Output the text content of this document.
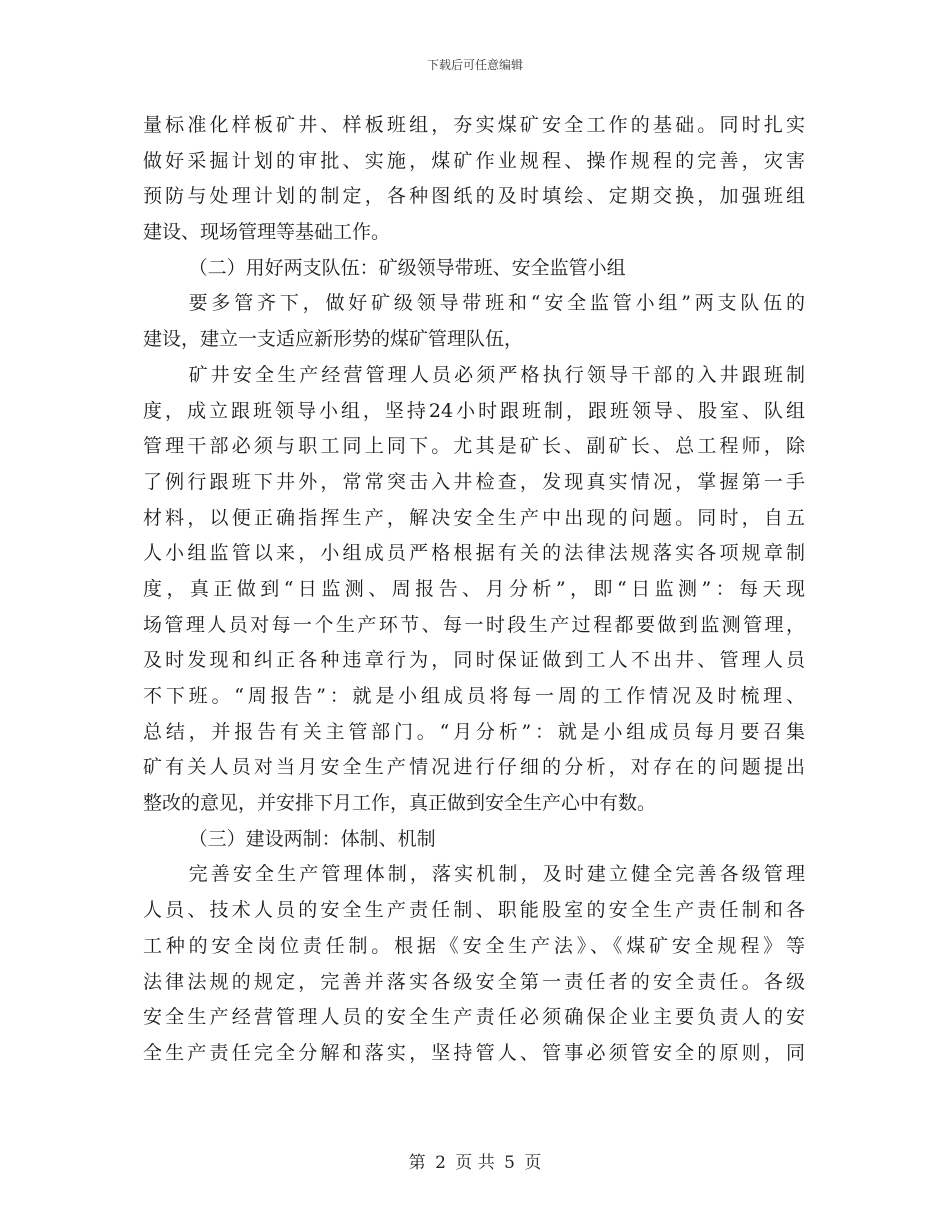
下载后可任意编辑
量标准化样板矿井、样板班组，夯实煤矿安全工作的基础。同时扎实
做好采掘计划的审批、实施，煤矿作业规程、操作规程的完善，灾害
预防与处理计划的制定，各种图纸的及时填绘、定期交换，加强班组
建设、现场管理等基础工作。
（二）用好两支队伍：矿级领导带班、安全监管小组
要多管齐下，做好矿级领导带班和“安全监管小组”两支队伍的
建设，建立一支适应新形势的煤矿管理队伍，
矿井安全生产经营管理人员必须严格执行领导干部的入井跟班制
度，成立跟班领导小组，坚持24小时跟班制，跟班领导、股室、队组
管理干部必须与职工同上同下。尤其是矿长、副矿长、总工程师，除
了例行跟班下井外，常常突击入井检查，发现真实情况，掌握第一手
材料，以便正确指挥生产，解决安全生产中出现的问题。同时，自五
人小组监管以来，小组成员严格根据有关的法律法规落实各项规章制
度，真正做到“日监测、周报告、月分析”，即“日监测”：每天现
场管理人员对每一个生产环节、每一时段生产过程都要做到监测管理，
及时发现和纠正各种违章行为，同时保证做到工人不出井、管理人员
不下班。“周报告”：就是小组成员将每一周的工作情况及时梳理、
总结，并报告有关主管部门。“月分析”：就是小组成员每月要召集
矿有关人员对当月安全生产情况进行仔细的分析，对存在的问题提出
整改的意见，并安排下月工作，真正做到安全生产心中有数。
（三）建设两制：体制、机制
完善安全生产管理体制，落实机制，及时建立健全完善各级管理
人员、技术人员的安全生产责任制、职能股室的安全生产责任制和各
工种的安全岗位责任制。根据《安全生产法》、《煤矿安全规程》等
法律法规的规定，完善并落实各级安全第一责任者的安全责任。各级
安全生产经营管理人员的安全生产责任必须确保企业主要负责人的安
全生产责任完全分解和落实，坚持管人、管事必须管安全的原则，同
第 2 页 共 5 页
